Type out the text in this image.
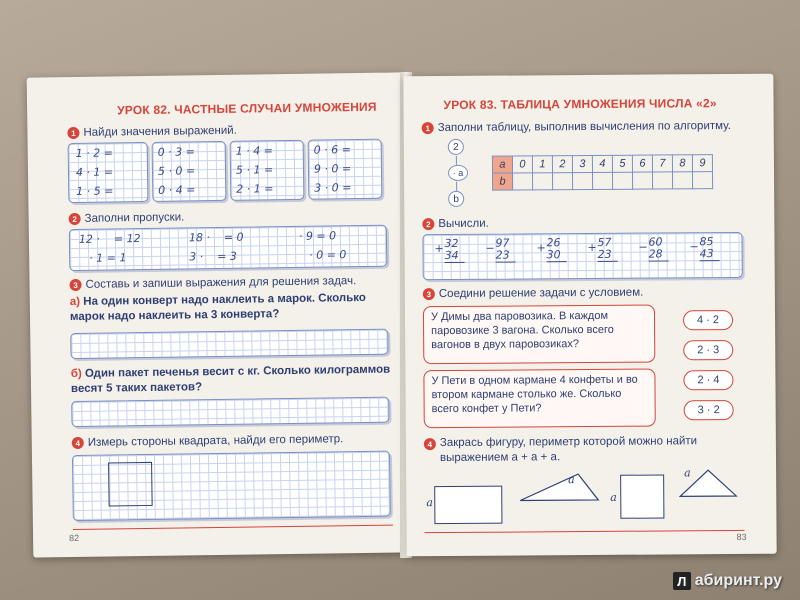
УРОК 82. ЧАСТНЫЕ СЛУЧАИ УМНОЖЕНИЯ
1 Найди значения выражений.
1 · 2 =
4 · 1 =
1 · 5 =
0 · 3 =
5 · 0 =
0 · 4 =
1 · 4 =
5 · 1 =
2 · 1 =
0 · 6 =
9 · 0 =
3 · 0 =
2 Заполни пропуски.
12 ·    = 12	18 ·    = 0	· 9 = 0
· 1 = 1	3 ·    = 3	· 0 = 0
3 Составь и запиши выражения для решения задач.
а) На один конверт надо наклеить a марок. Сколько марок надо наклеить на 3 конверта?
б) Один пакет печенья весит c кг. Сколько килограммов весят 5 таких пакетов?
4 Измерь стороны квадрата, найди его периметр.
82
УРОК 83. ТАБЛИЦА УМНОЖЕНИЯ ЧИСЛА «2»
1 Заполни таблицу, выполнив вычисления по алгоритму.
2
· a
b
a	0	1	2	3	4	5	6	7	8	9
b										
2 Вычисли.
3 Соедини решение задачи с условием.
У Димы два паровозика. В каждом паровозике 3 вагона. Сколько всего вагонов в двух паровозиках?
У Пети в одном кармане 4 конфеты и во втором кармане столько же. Сколько всего конфет у Пети?
4 · 2
2 · 3
2 · 4
3 · 2
4 Закрась фигуру, периметр которой можно найти выражением a + a + a.
a
a
a
a
83
+ 32
34
− 97
23
+ 26
30
+ 57
23
− 60
28
− 85
43
Л абиринт.ру
